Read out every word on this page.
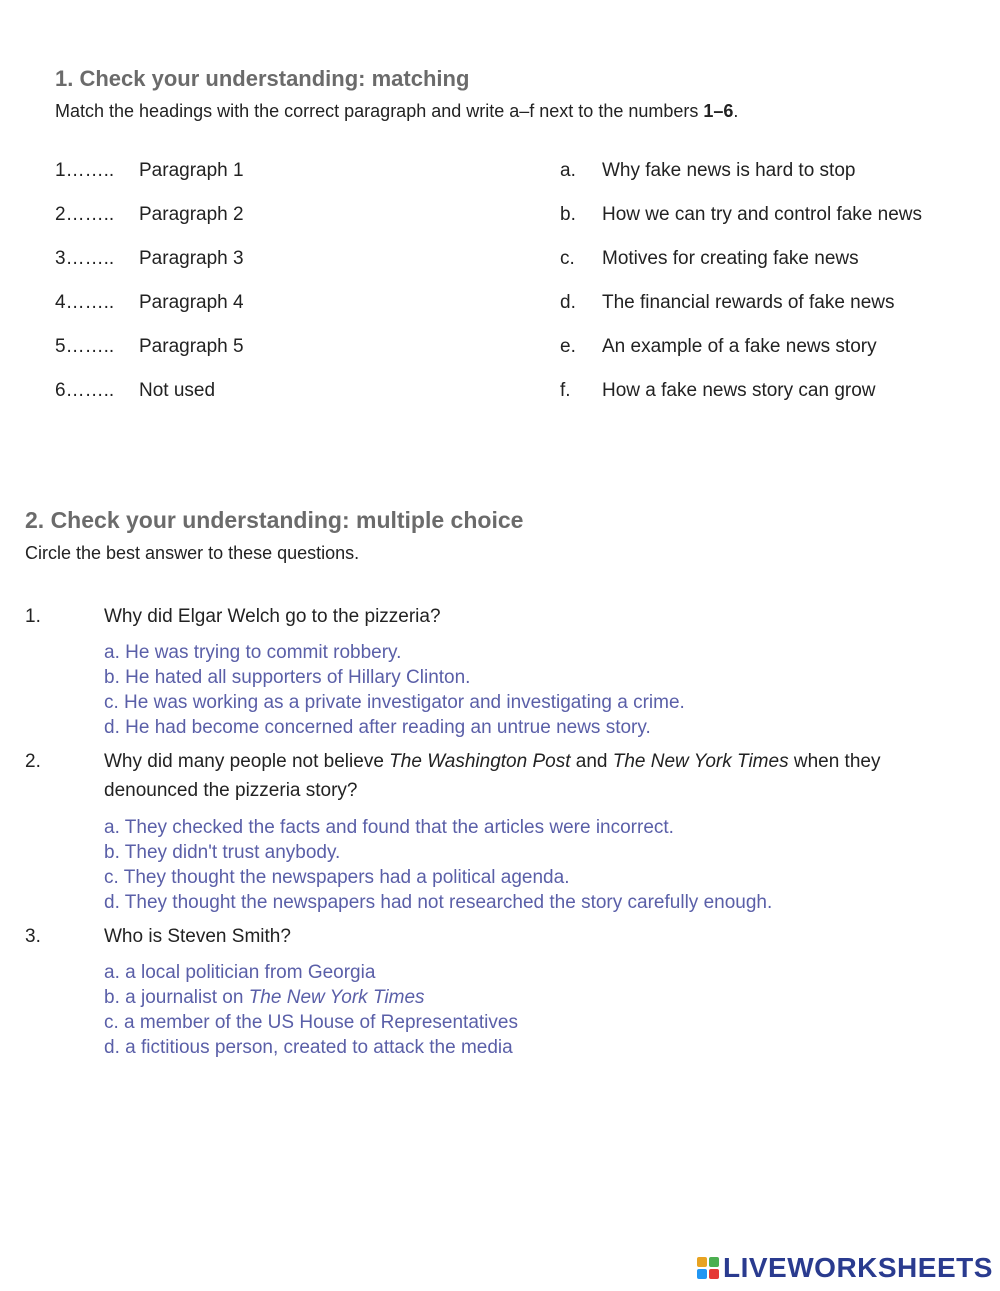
1. Check your understanding: matching
Match the headings with the correct paragraph and write a–f next to the numbers 1–6.
1…….. Paragraph 1
2…….. Paragraph 2
3…….. Paragraph 3
4…….. Paragraph 4
5…….. Paragraph 5
6…….. Not used
a. Why fake news is hard to stop
b. How we can try and control fake news
c. Motives for creating fake news
d. The financial rewards of fake news
e. An example of a fake news story
f. How a fake news story can grow
2. Check your understanding: multiple choice
Circle the best answer to these questions.
1.	Why did Elgar Welch go to the pizzeria?
a. He was trying to commit robbery.
b. He hated all supporters of Hillary Clinton.
c. He was working as a private investigator and investigating a crime.
d. He had become concerned after reading an untrue news story.
2.	Why did many people not believe The Washington Post and The New York Times when they
denounced the pizzeria story?
a. They checked the facts and found that the articles were incorrect.
b. They didn't trust anybody.
c. They thought the newspapers had a political agenda.
d. They thought the newspapers had not researched the story carefully enough.
3.	Who is Steven Smith?
a. a local politician from Georgia
b. a journalist on The New York Times
c. a member of the US House of Representatives
d. a fictitious person, created to attack the media
LIVEWORKSHEETS
